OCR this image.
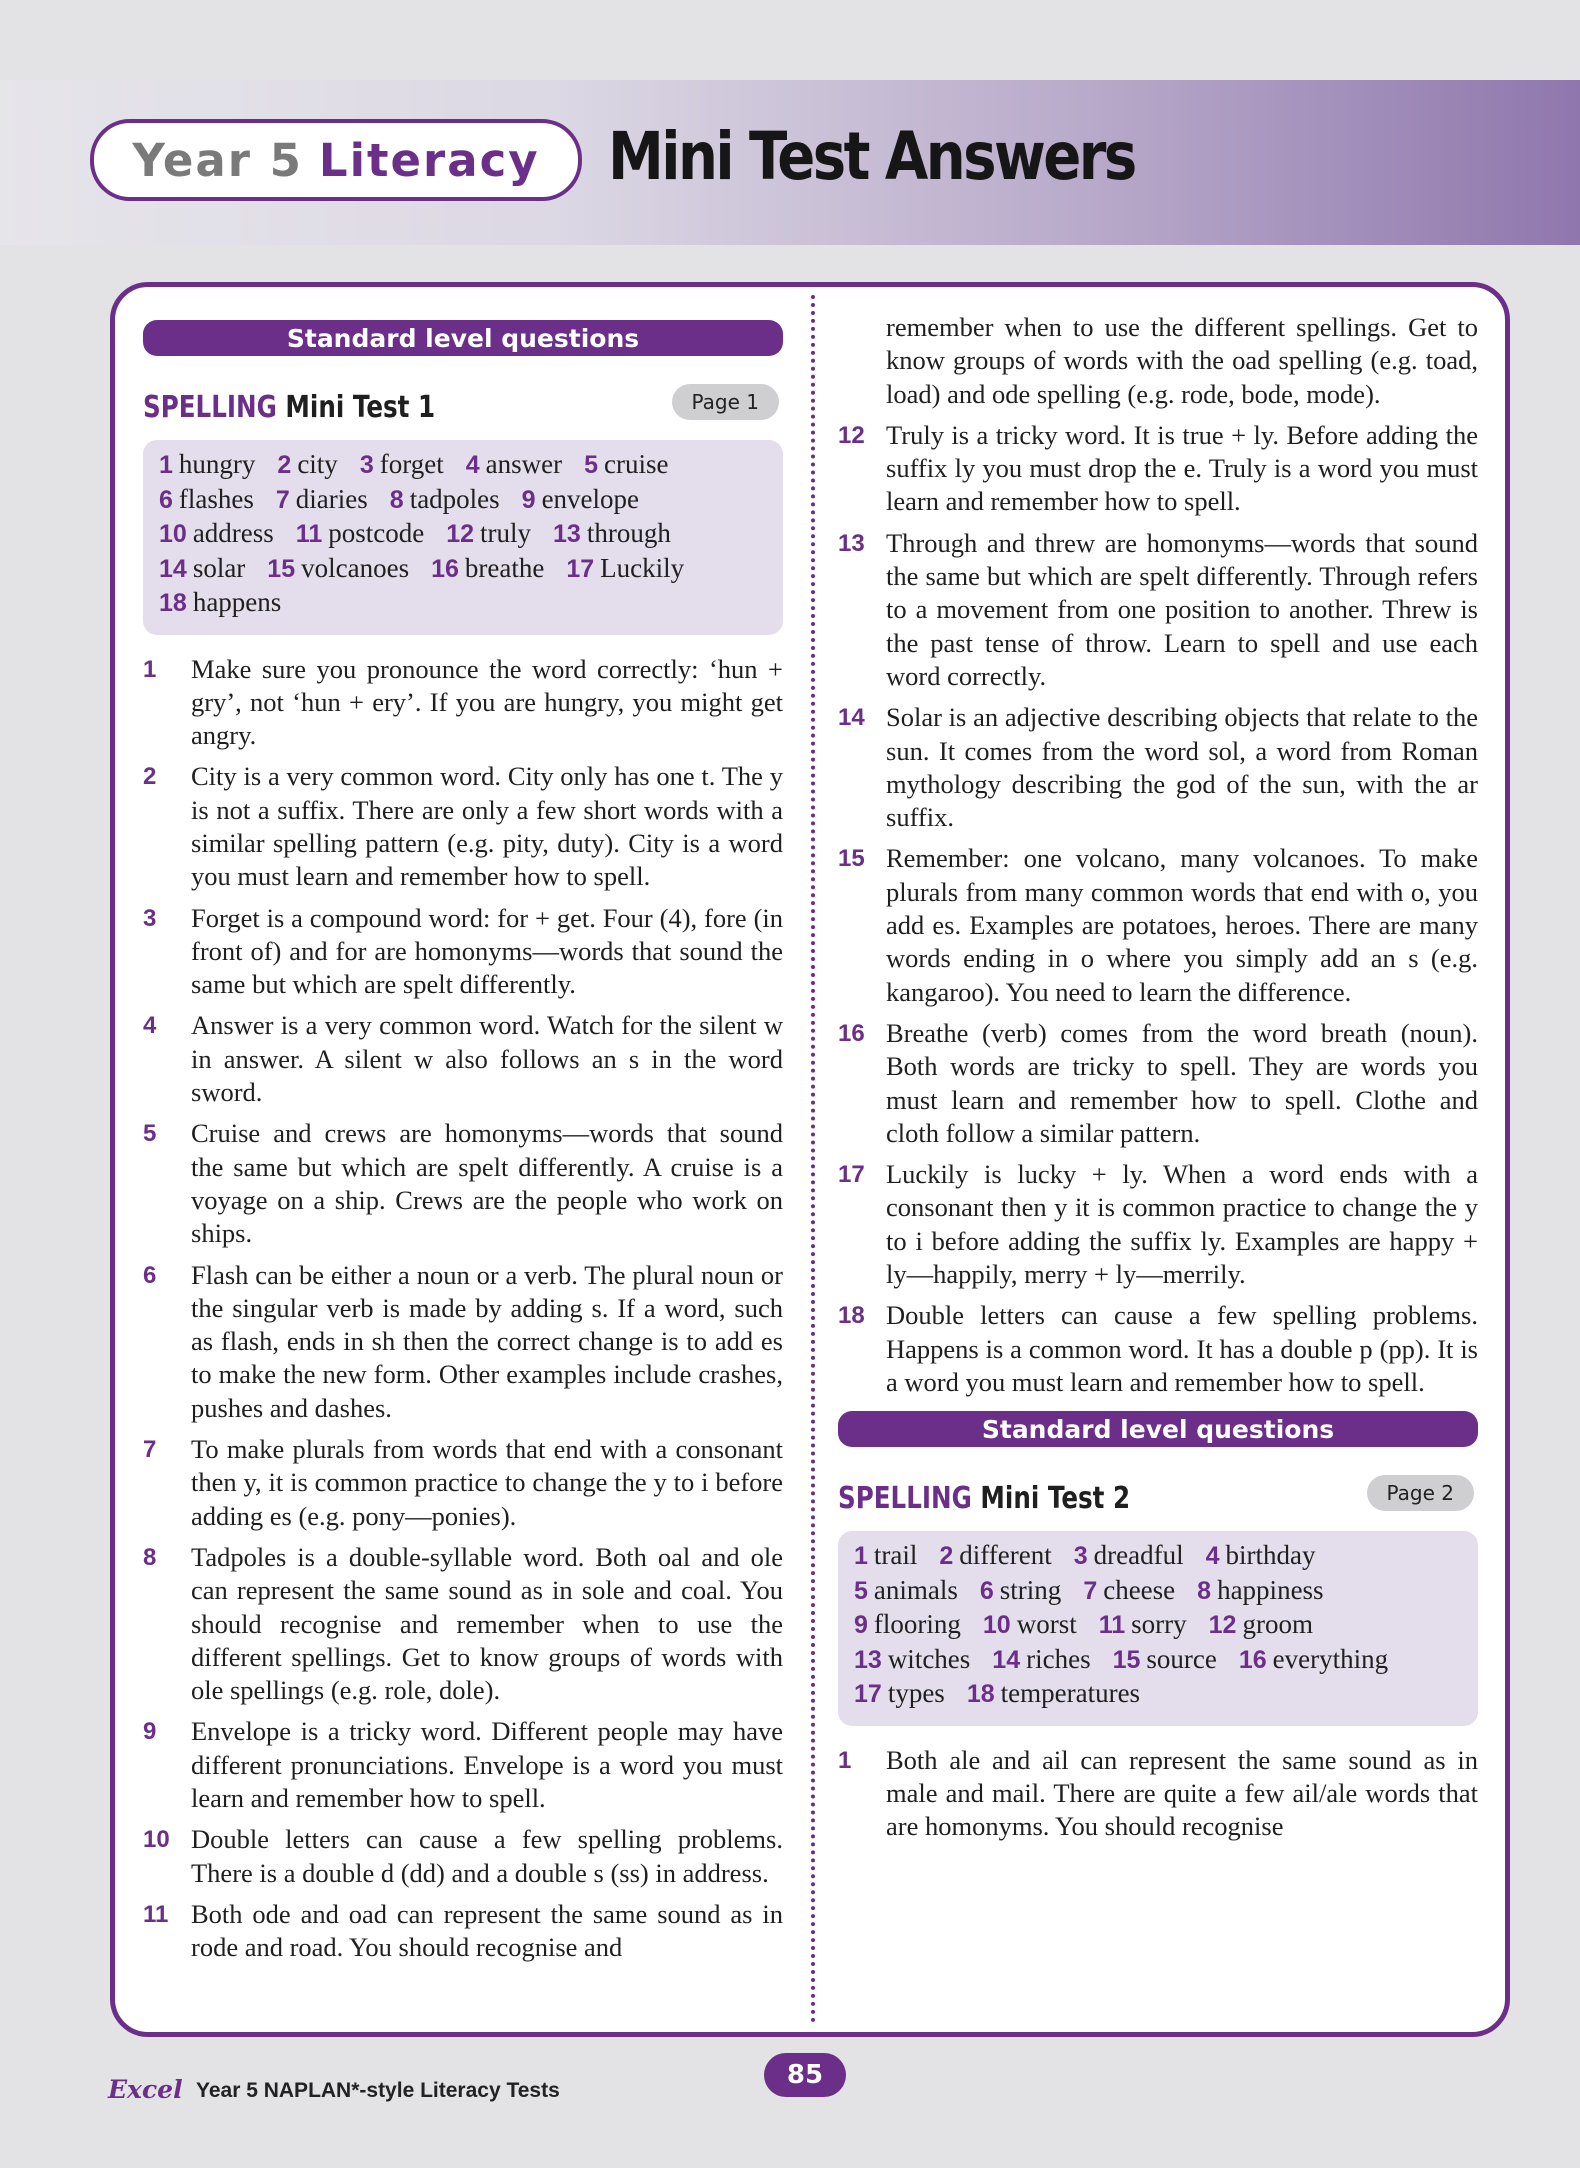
Year 5 Literacy Mini Test Answers
Standard level questions
SPELLING Mini Test 1	Page 1
1 hungry 2 city 3 forget 4 answer 5 cruise
6 flashes 7 diaries 8 tadpoles 9 envelope
10 address 11 postcode 12 truly 13 through
14 solar 15 volcanoes 16 breathe 17 Luckily
18 happens
1	Make sure you pronounce the word correctly: ‘hun + gry’, not ‘hun + ery’. If you are hungry, you might get angry.
2	City is a very common word. City only has one t. The y is not a suffix. There are only a few short words with a similar spelling pattern (e.g. pity, duty). City is a word you must learn and remember how to spell.
3	Forget is a compound word: for + get. Four (4), fore (in front of) and for are homonyms—words that sound the same but which are spelt differently.
4	Answer is a very common word. Watch for the silent w in answer. A silent w also follows an s in the word sword.
5	Cruise and crews are homonyms—words that sound the same but which are spelt differently. A cruise is a voyage on a ship. Crews are the people who work on ships.
6	Flash can be either a noun or a verb. The plural noun or the singular verb is made by adding s. If a word, such as flash, ends in sh then the correct change is to add es to make the new form. Other examples include crashes, pushes and dashes.
7	To make plurals from words that end with a consonant then y, it is common practice to change the y to i before adding es (e.g. pony—ponies).
8	Tadpoles is a double-syllable word. Both oal and ole can represent the same sound as in sole and coal. You should recognise and remember when to use the different spellings. Get to know groups of words with ole spellings (e.g. role, dole).
9	Envelope is a tricky word. Different people may have different pronunciations. Envelope is a word you must learn and remember how to spell.
10 Double letters can cause a few spelling problems. There is a double d (dd) and a double s (ss) in address.
11 Both ode and oad can represent the same sound as in rode and road. You should recognise and
remember when to use the different spellings. Get to know groups of words with the oad spelling (e.g. toad, load) and ode spelling (e.g. rode, bode, mode).
12 Truly is a tricky word. It is true + ly. Before adding the suffix ly you must drop the e. Truly is a word you must learn and remember how to spell.
13 Through and threw are homonyms—words that sound the same but which are spelt differently. Through refers to a movement from one position to another. Threw is the past tense of throw. Learn to spell and use each word correctly.
14 Solar is an adjective describing objects that relate to the sun. It comes from the word sol, a word from Roman mythology describing the god of the sun, with the ar suffix.
15 Remember: one volcano, many volcanoes. To make plurals from many common words that end with o, you add es. Examples are potatoes, heroes. There are many words ending in o where you simply add an s (e.g. kangaroo). You need to learn the difference.
16 Breathe (verb) comes from the word breath (noun). Both words are tricky to spell. They are words you must learn and remember how to spell. Clothe and cloth follow a similar pattern.
17 Luckily is lucky + ly. When a word ends with a consonant then y it is common practice to change the y to i before adding the suffix ly. Examples are happy + ly—happily, merry + ly—merrily.
18 Double letters can cause a few spelling problems. Happens is a common word. It has a double p (pp). It is a word you must learn and remember how to spell.
Standard level questions
SPELLING Mini Test 2	Page 2
1 trail 2 different 3 dreadful 4 birthday
5 animals 6 string 7 cheese 8 happiness
9 flooring 10 worst 11 sorry 12 groom
13 witches 14 riches 15 source 16 everything
17 types 18 temperatures
1	Both ale and ail can represent the same sound as in male and mail. There are quite a few ail/ale words that are homonyms. You should recognise
Excel Year 5 NAPLAN*-style Literacy Tests
85
